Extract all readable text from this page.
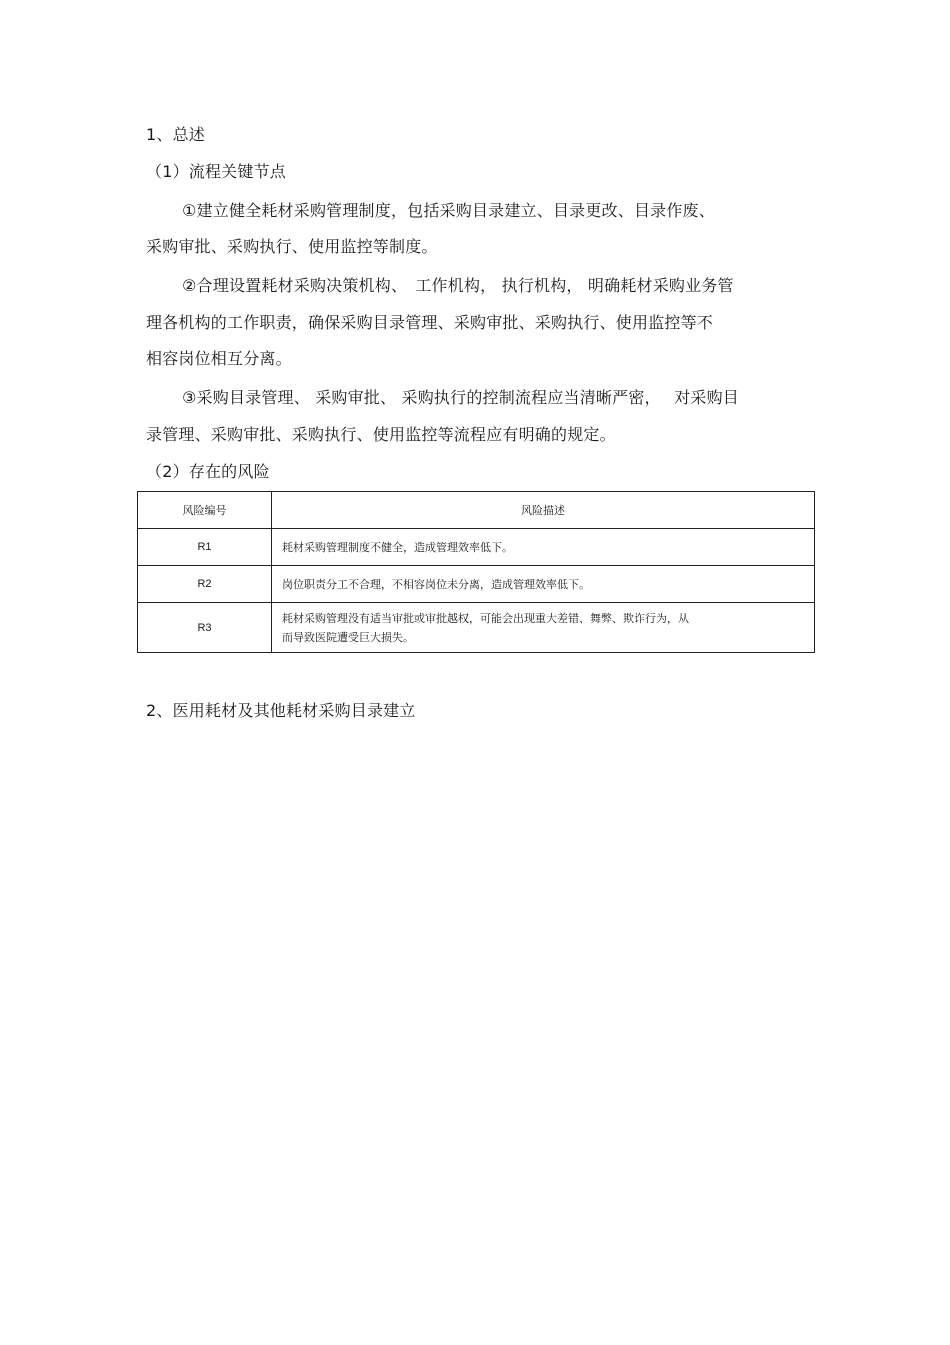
1、总述
（1）流程关键节点
①建立健全耗材采购管理制度，包括采购目录建立、目录更改、目录作废、
采购审批、采购执行、使用监控等制度。
②合理设置耗材采购决策机构、　工作机构， 执行机构， 明确耗材采购业务管
理各机构的工作职责，确保采购目录管理、采购审批、采购执行、使用监控等不
相容岗位相互分离。
③采购目录管理、 采购审批、 采购执行的控制流程应当清晰严密，　 对采购目
录管理、采购审批、采购执行、使用监控等流程应有明确的规定。
（2）存在的风险
风险编号	风险描述
R1	耗材采购管理制度不健全，造成管理效率低下。

R2	岗位职责分工不合理，不相容岗位未分离，造成管理效率低下。

R3	耗材采购管理没有适当审批或审批越权，可能会出现重大差错、舞弊、欺诈行为，从
而导致医院遭受巨大损失。
2、医用耗材及其他耗材采购目录建立
